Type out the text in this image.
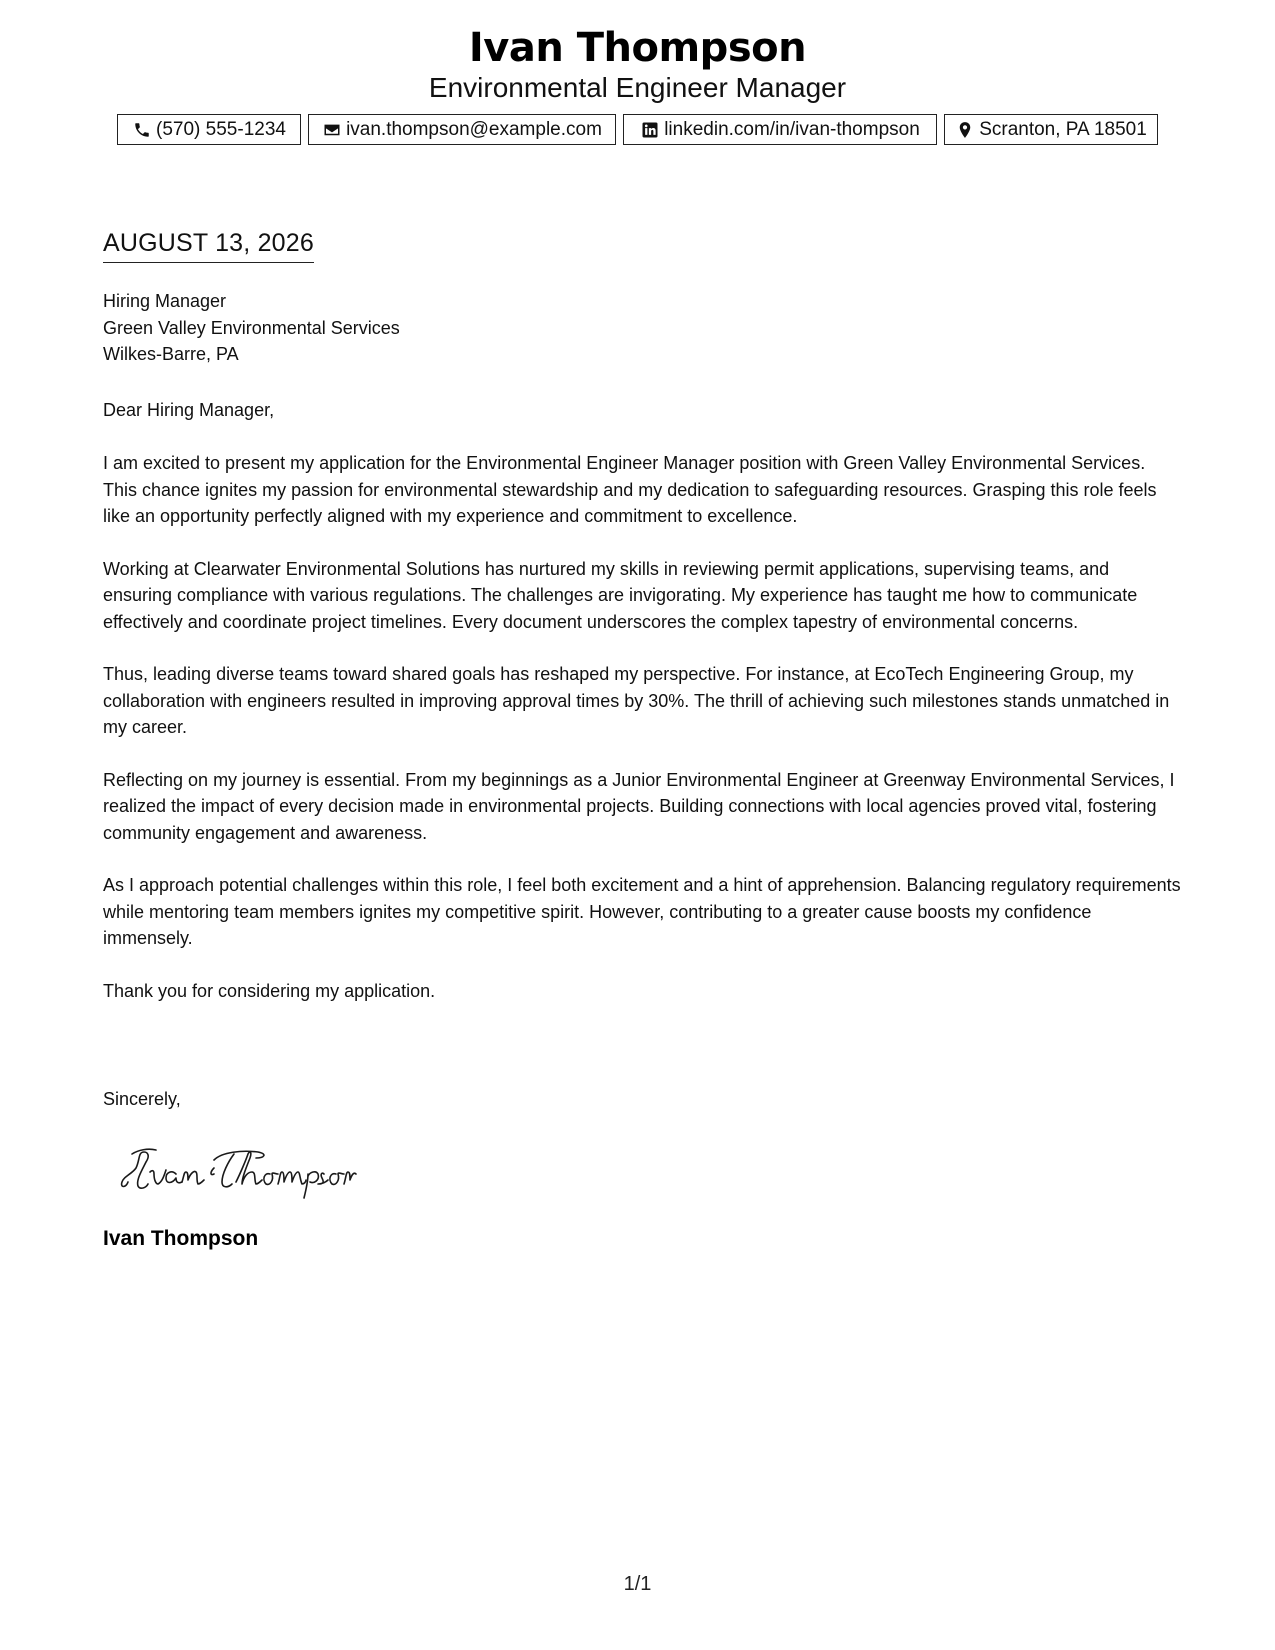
Ivan Thompson
Environmental Engineer Manager
(570) 555-1234	ivan.thompson@example.com	linkedin.com/in/ivan-thompson	Scranton, PA 18501
AUGUST 13, 2026
Hiring Manager
Green Valley Environmental Services
Wilkes-Barre, PA
Dear Hiring Manager,

I am excited to present my application for the Environmental Engineer Manager position with Green Valley Environmental Services. This chance ignites my passion for environmental stewardship and my dedication to safeguarding resources. Grasping this role feels like an opportunity perfectly aligned with my experience and commitment to excellence.

Working at Clearwater Environmental Solutions has nurtured my skills in reviewing permit applications, supervising teams, and ensuring compliance with various regulations. The challenges are invigorating. My experience has taught me how to communicate effectively and coordinate project timelines. Every document underscores the complex tapestry of environmental concerns.

Thus, leading diverse teams toward shared goals has reshaped my perspective. For instance, at EcoTech Engineering Group, my collaboration with engineers resulted in improving approval times by 30%. The thrill of achieving such milestones stands unmatched in my career.

Reflecting on my journey is essential. From my beginnings as a Junior Environmental Engineer at Greenway Environmental Services, I realized the impact of every decision made in environmental projects. Building connections with local agencies proved vital, fostering community engagement and awareness.

As I approach potential challenges within this role, I feel both excitement and a hint of apprehension. Balancing regulatory requirements while mentoring team members ignites my competitive spirit. However, contributing to a greater cause boosts my confidence immensely.

Thank you for considering my application.

Sincerely,
Ivan Thompson
1/1
